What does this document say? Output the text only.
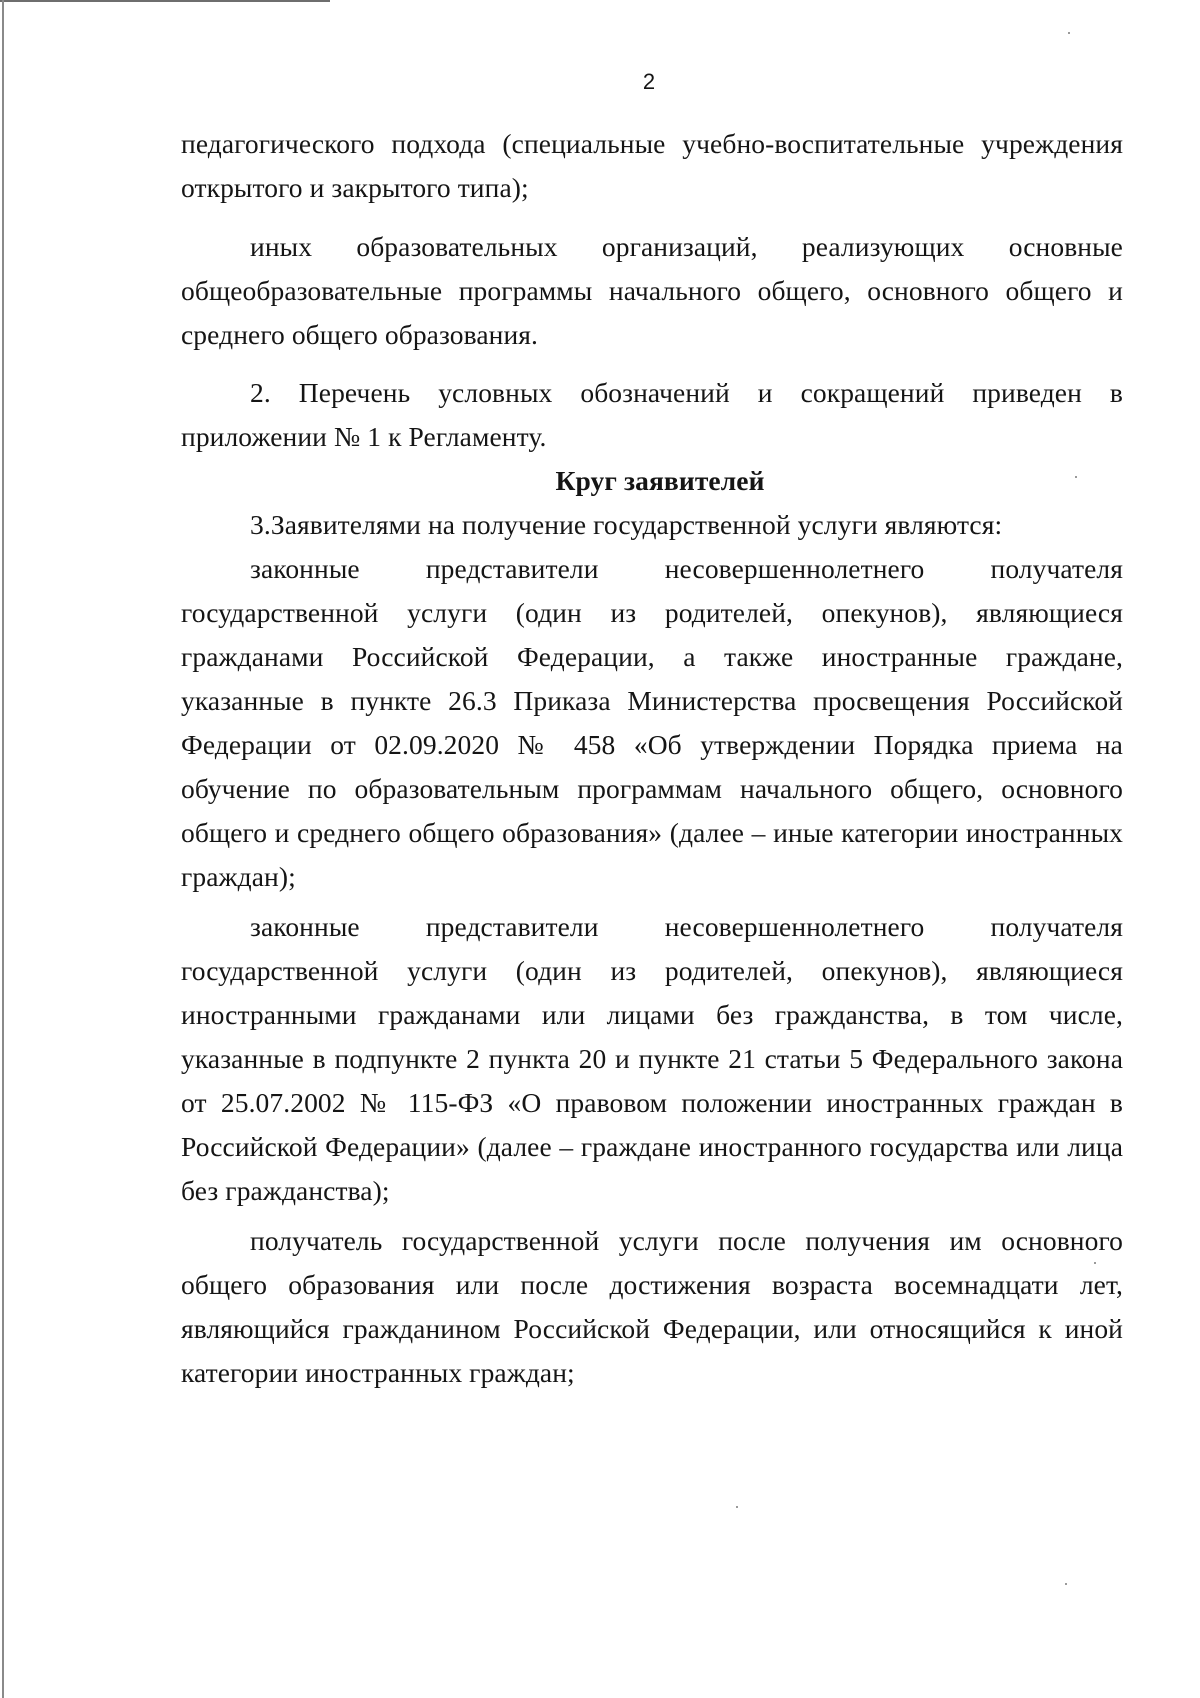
2

педагогического подхода (специальные учебно-воспитательные учреждения открытого и закрытого типа);

иных образовательных организаций, реализующих основные общеобразовательные программы начального общего, основного общего и среднего общего образования.

2. Перечень условных обозначений и сокращений приведен в приложении № 1 к Регламенту.

Круг заявителей

3.Заявителями на получение государственной услуги являются:

законные представители несовершеннолетнего получателя государственной услуги (один из родителей, опекунов), являющиеся гражданами Российской Федерации, а также иностранные граждане, указанные в пункте 26.3 Приказа Министерства просвещения Российской Федерации от 02.09.2020 № 458 «Об утверждении Порядка приема на обучение по образовательным программам начального общего, основного общего и среднего общего образования» (далее – иные категории иностранных граждан);

законные представители несовершеннолетнего получателя государственной услуги (один из родителей, опекунов), являющиеся иностранными гражданами или лицами без гражданства, в том числе, указанные в подпункте 2 пункта 20 и пункте 21 статьи 5 Федерального закона от 25.07.2002 № 115-ФЗ «О правовом положении иностранных граждан в Российской Федерации» (далее – граждане иностранного государства или лица без гражданства);

получатель государственной услуги после получения им основного общего образования или после достижения возраста восемнадцати лет, являющийся гражданином Российской Федерации, или относящийся к иной категории иностранных граждан;
